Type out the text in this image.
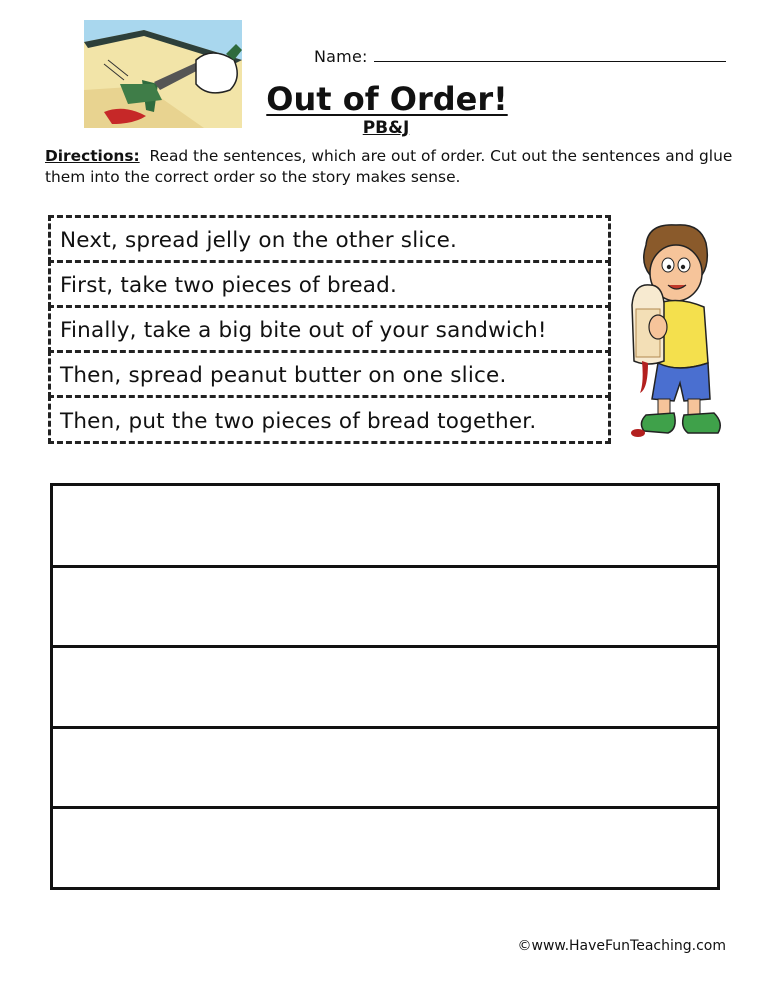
Name:
Out of Order!
PB&J
Directions: Read the sentences, which are out of order. Cut out the sentences and glue them into the correct order so the story makes sense.
Next, spread jelly on the other slice.
First, take two pieces of bread.
Finally, take a big bite out of your sandwich!
Then, spread peanut butter on one slice.
Then, put the two pieces of bread together.
©www.HaveFunTeaching.com
